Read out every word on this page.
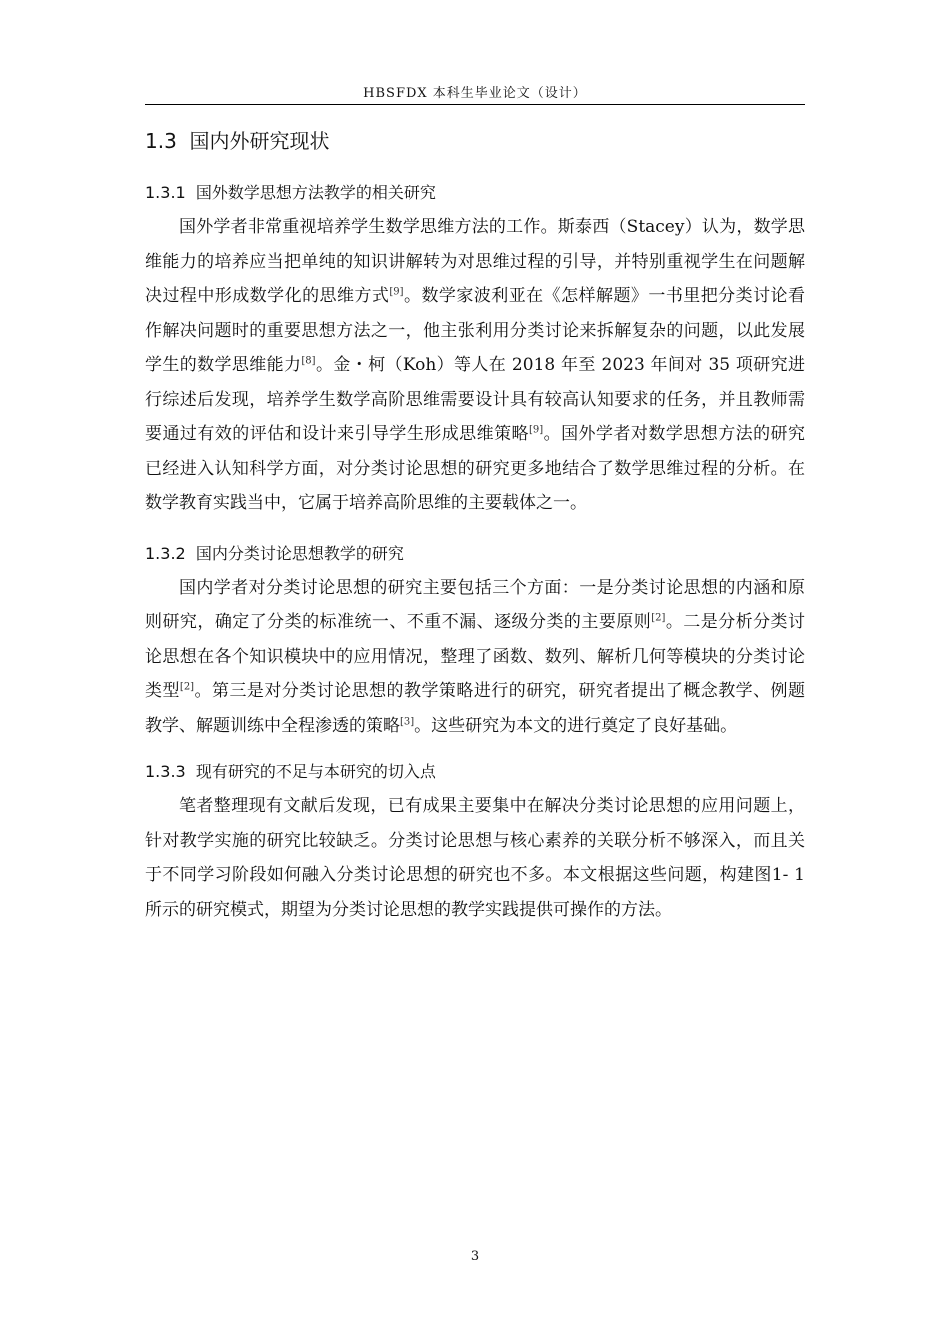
HBSFDX 本科生毕业论文（设计）
1.3 国内外研究现状
1.3.1 国外数学思想方法教学的相关研究

国外学者非常重视培养学生数学思维方法的工作。斯泰西（Stacey）认为，数学思维能力的培养应当把单纯的知识讲解转为对思维过程的引导，并特别重视学生在问题解决过程中形成数学化的思维方式[9]。数学家波利亚在《怎样解题》一书里把分类讨论看作解决问题时的重要思想方法之一，他主张利用分类讨论来拆解复杂的问题，以此发展学生的数学思维能力[8]。金・柯（Koh）等人在 2018 年至 2023 年间对 35 项研究进行综述后发现，培养学生数学高阶思维需要设计具有较高认知要求的任务，并且教师需要通过有效的评估和设计来引导学生形成思维策略[9]。国外学者对数学思想方法的研究已经进入认知科学方面，对分类讨论思想的研究更多地结合了数学思维过程的分析。在数学教育实践当中，它属于培养高阶思维的主要载体之一。

1.3.2 国内分类讨论思想教学的研究

国内学者对分类讨论思想的研究主要包括三个方面：一是分类讨论思想的内涵和原则研究，确定了分类的标准统一、不重不漏、逐级分类的主要原则[2]。二是分析分类讨论思想在各个知识模块中的应用情况，整理了函数、数列、解析几何等模块的分类讨论类型[2]。第三是对分类讨论思想的教学策略进行的研究，研究者提出了概念教学、例题教学、解题训练中全程渗透的策略[3]。这些研究为本文的进行奠定了良好基础。

1.3.3 现有研究的不足与本研究的切入点

笔者整理现有文献后发现，已有成果主要集中在解决分类讨论思想的应用问题上，针对教学实施的研究比较缺乏。分类讨论思想与核心素养的关联分析不够深入，而且关于不同学习阶段如何融入分类讨论思想的研究也不多。本文根据这些问题，构建图1- 1所示的研究模式，期望为分类讨论思想的教学实践提供可操作的方法。

3
